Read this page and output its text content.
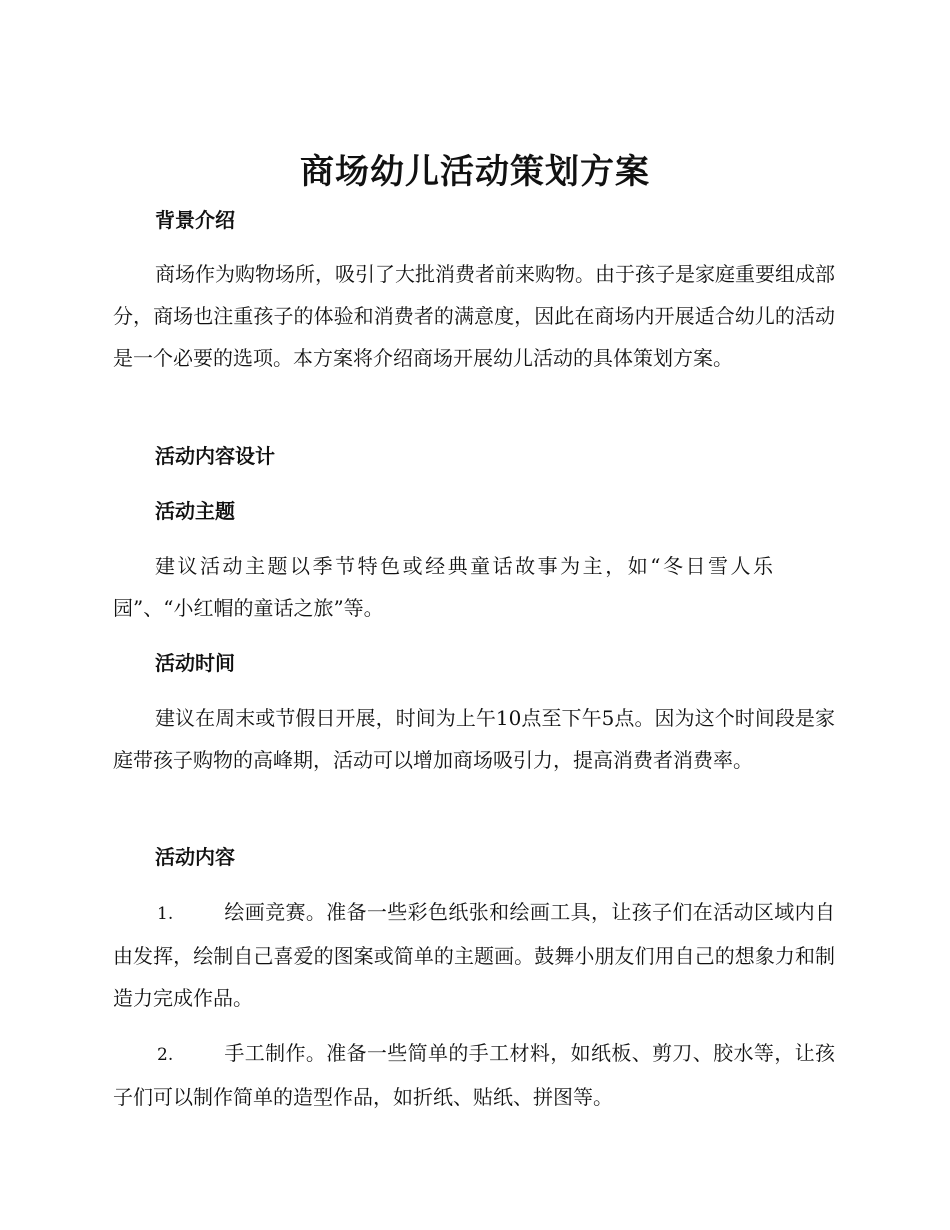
商场幼儿活动策划方案
背景介绍

商场作为购物场所，吸引了大批消费者前来购物。由于孩子是家庭重要组成部分，商场也注重孩子的体验和消费者的满意度，因此在商场内开展适合幼儿的活动是一个必要的选项。本方案将介绍商场开展幼儿活动的具体策划方案。

活动内容设计
活动主题

建议活动主题以季节特色或经典童话故事为主，如“冬日雪人乐园”、“小红帽的童话之旅”等。

活动时间

建议在周末或节假日开展，时间为上午10点至下午5点。因为这个时间段是家庭带孩子购物的高峰期，活动可以增加商场吸引力，提高消费者消费率。

活动内容

1.	绘画竞赛。准备一些彩色纸张和绘画工具，让孩子们在活动区域内自由发挥，绘制自己喜爱的图案或简单的主题画。鼓舞小朋友们用自己的想象力和制造力完成作品。

2.	手工制作。准备一些简单的手工材料，如纸板、剪刀、胶水等，让孩子们可以制作简单的造型作品，如折纸、贴纸、拼图等。
